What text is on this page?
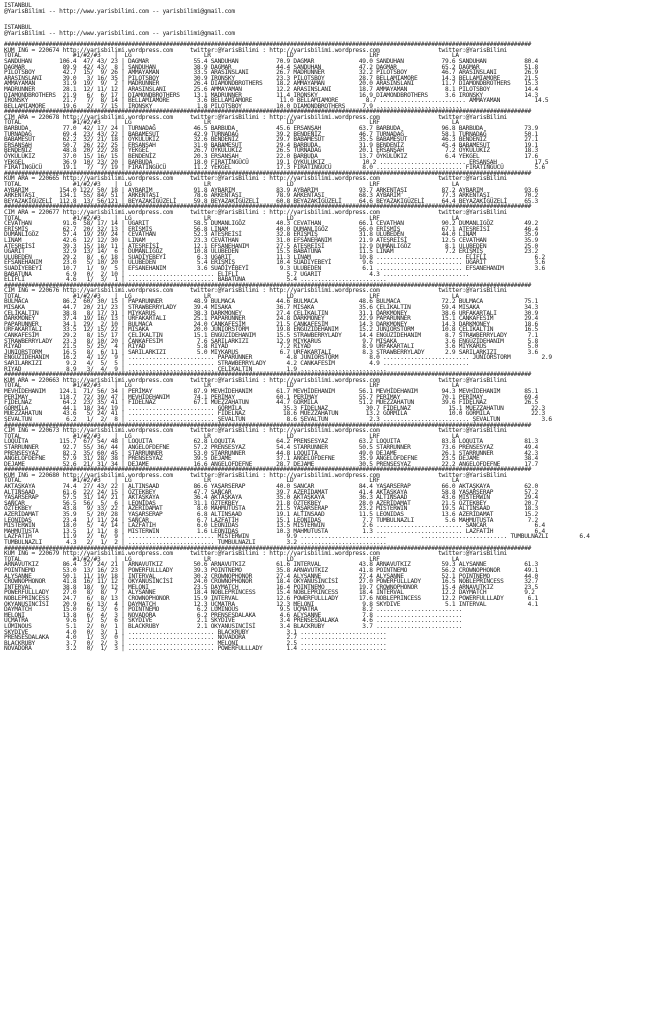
ISTANBUL
@YarisBilimi -- http://www.yarisbilimi.com -- yarisbilimi@gmail.com
ISTANBUL
@YarisBilimi -- http://www.yarisbilimi.com -- yarisbilimi@gmail.com
#########################################################################################################################################################
KUM ING = 220674 http://yarisbilimi.wordpress.com     twitter:@YarisBilimi : http://yarisbilimi.wordpress.com                 twitter:@YarisBilimi
TOTAL               #1/#2/#3    |  LG                     LR                      LD                      LRF                     LA
SANDUHAN        106.4  47/ 43/ 23 | DAGMAR             55.4 SANDUHAN           70.9 DAGMAR             49.0 SANDUHAN           79.6 SANDUHAN           80.4
DAGMAR           89.9  42/ 43/  8 | SANDUHAN           38.9 DAGMAR             44.4 SANDUHAN           47.2 DAGMAR             65.2 DAGMAR             51.8
PILOTSBOY        42.7  15/  9/ 26 | AMMAYAMAN          33.5 ARASINSLANI        26.7 MADRUNNER          32.2 PILOTSBOY          46.7 ARASINSLANI        26.9
ARASINSLANI      39.0   3/ 16/ 35 | PILOTSBOY          30.9 IRONSKY            23.3 PILOTSBOY          28.7 BELLAMIAMORE       14.3 BELLAMIAMORE       21.5
AMMAYAMAN        31.9  19/  9/  2 | MADRUNNER          26.4 DIAMONDBROTHERS    18.2 AMMAYAMAN          20.0 ARASINSLANI        11.7 DIAMONDBROTHERS    15.3
MADRUNNER        28.1  12/ 11/ 12 | ARASINSLANI        25.6 AMMAYAMAN          12.2 ARASINSLANI        18.7 AMMAYAMAN           8.1 PILOTSBOY          14.4
DIAMONDBROTHERS  21.9   6/  6/ 17 | DIAMONDBROTHERS    13.1 MADRUNNER          11.4 IRONSKY            16.9 DIAMONDBROTHERS     3.6 IRONSKY            14.3
IRONSKY          21.7   7/  8/ 14 | BELLAMIAMORE        3.6 BELLAMIAMORE        11.0 BELLAMIAMORE        8.7 ......................... AMMAYAMAN          14.5
BELLAMIAMORE     19.6   2/  7/ 15 | IRONSKY             1.8 PILOTSBOY          10.0 DIAMONDBROTHERS     7.9 .........................
#########################################################################################################################################################
CIM ARA = 220678 http://yarisbilimi.wordpress.com     twitter:@YarisBilimi : http://yarisbilimi.wordpress.com                 twitter:@YarisBilimi
TOTAL               #1/#2/#3    |  LG                     LR                      LD                      LRF                     LA
BARBUDA          77.0  42/ 17/ 24 | TURNADAĞ           46.5 BARBUDA            45.6 ERSANŞAH           63.7 BARBUDA            96.8 BARBUDA            73.9
TURNADAĞ         69.4  23/ 43/ 22 | BABAMESUT          42.9 TURNADAĞ           39.2 BENDENİZ           46.7 TURNADAĞ           58.1 TURNADAĞ           50.1
BABAMESUT        62.2  32/ 21/ 18 | ÖYKÜLÜKIZ          32.6 BENDENİZ           29.7 BABAMESUT          35.5 BABAMESUT          46.3 BENDENİZ           27.1
ERSANŞAH         50.7  26/ 22/ 25 | ERSANŞAH           31.0 BABAMESUT          29.4 BARBUDA            31.9 BENDENİZ           45.4 BABAMESUT          19.1
BENDENİZ         48.8  20/ 22/ 28 | YEKGEL             26.7 ÖYKÜLÜKIZ          26.5 TURNADAĞ           20.1 ERSANŞAH            7.2 ÖYKÜLÜKIZ          18.3
ÖYKÜLÜKIZ        37.0  15/ 16/ 15 | BENDENİZ           20.3 ERSANŞAH           22.0 BARBUDA            13.7 ÖYKÜLÜKIZ           6.4 YEKGEL             17.6
YEKGEL           36.9  10/ 23/ 20 | BARBUDA            18.0 FIRATINGÜCÜ        19.1 ÖYKÜLÜKIZ           10.2 ......................... ERSANŞAH           17.5
FIRATINGÜCÜ      19.1   7/  7/ 19 | FIRATINGÜCÜ        11.2 YEKGEL             17.3 FIRATINGÜCÜ         8.0 ......................... FIRATINGÜCÜ         5.6
#########################################################################################################################################################
KUM ARA = 220665 http://yarisbilimi.wordpress.com     twitter:@YarisBilimi : http://yarisbilimi.wordpress.com                 twitter:@YarisBilimi
TOTAL               #1/#2/#3    |  LG                     LR                      LD                      LRF                     LA
AYBARIM         154.0 122/ 50/ 18 | AYBARIM            91.8 AYBARIM            83.9 AYBARIM            93.7 ARKENTAŞI          87.2 AYBARIM            93.6
ARKENTAŞI       134.1  55/ 84/ 51 | ARKENTAŞI          78.6 ARKENTAŞI          78.9 ARKENTAŞI          68.3 AYBARIM            77.3 ARKENTAŞI          70.2
BEYAZAKIGÜZELİ  112.8  13/ 56/121 | BEYAZAKIGÜZELİ     59.8 BEYAZAKIGÜZELİ     60.8 BEYAZAKIGÜZELİ     64.6 BEYAZAKIGÜZELİ     64.4 BEYAZAKIGÜZELİ     65.3
#########################################################################################################################################################
CIM ARA = 220677 http://yarisbilimi.wordpress.com     twitter:@YarisBilimi : http://yarisbilimi.wordpress.com                 twitter:@YarisBilimi
TOTAL               #1/#2/#3    |  LG                     LR                      LD                      LRF                     LA
CEVATHAN         91.6  58/ 17/ 14 | UGARIT             58.5 DUMANLIGÖZ         40.3 CEVATHAN           66.1 CEVATHAN           90.2 DUMANLIGÖZ         49.2
ERİŞMİŞ          62.7  20/ 32/ 13 | ERİŞMİŞ            56.8 LINAM              40.0 DUMANLIGÖZ         56.0 ERİŞMİŞ            67.1 ATEŞREİSİ          46.4
DUMANLIGÖZ       57.4  19/ 29/ 24 | CEVATHAN           52.3 ATEŞREİSİ          32.8 ERİŞMİŞ            31.8 ULUBEDEN           44.0 LINAM              35.9
LINAM            42.6  12/ 12/ 30 | LINAM              23.3 CEVATHAN           31.0 EFSANEHANIM        21.9 ATEŞREİSİ          12.5 CEVATHAN           35.9
ATEŞREİSİ        39.3  15/ 18/ 11 | ATEŞREİSİ          12.1 EFSANEHANIM        27.5 ATEŞREİSİ          12.9 DUMANLIGÖZ          8.1 ULUBEDEN           25.0
UGARIT           32.9  13/ 14/  6 | DUMANLIGÖZ         10.8 ULUBEDEN           15.5 BABATUNA           11.5 LINAM               7.2 ERİŞMİŞ            23.2
ULUBEDEN         29.2   8/  6/ 18 | SUADİYEBEYİ         6.3 UGARIT             11.3 LINAM              10.8 ......................... ELİFLİ              6.2
EFSANEHANIM      23.0   5/ 10/ 20 | ULUBEDEN            5.4 ERİŞMİŞ            10.4 SUADİYEBEYİ         9.6 ......................... UGARIT              3.6
SUADİYEBEYİ      10.7   1/  9/  5 | EFSANEHANIM         3.6 SUADİYEBEYİ         9.3 ULUBEDEN            6.1 ......................... EFSANEHANIM         3.6
BABATUNA          6.9   0/  2/ 10 | ......................... ELİFLİ              5.7 UGARIT              4.3 .........................
ELİFLİ            4.6   1/  3/  1 | ......................... BABATUNA            5.4 .........................
#########################################################################################################################################################
CIM ING = 220676 http://yarisbilimi.wordpress.com     twitter:@YarisBilimi : http://yarisbilimi.wordpress.com                 twitter:@YarisBilimi
TOTAL               #1/#2/#3    |  LG                     LR                      LD                      LRF                     LA
BULMACA          86.2  60/ 30/ 15 | PAPARUNNER         48.9 BULMACA            44.6 BULMACA            48.6 BULMACA            72.2 BULMACA            75.1
MISAKA           44.7  20/ 21/ 23 | STRAWBERRYLADY     39.4 MISAKA             36.7 MISAKA             35.6 ÇELİKALTIN         59.4 MISAKA             34.3
ÇELİKALTIN       38.8   8/ 17/ 31 | MIYKARUS           38.3 DARKMONEY          27.4 ÇELİKALTIN         31.1 DARKMONEY          38.6 URFAKARTALI        30.9
DARKMONEY        37.4  19/ 16/ 13 | URFAKARTALI        25.1 PAPARUNNER         24.8 DARKMONEY          22.9 PAPARUNNER         15.1 CANKAFESİM         29.4
PAPARUNNER       34.1  29/  2/ 10 | BULMACA            24.0 CANKAFESİM         21.5 CANKAFESİM         14.3 DARKMONEY          14.3 DARKMONEY          18.6
URFAKARTALI      33.5  12/ 15/ 22 | MISAKA             20.0 JUNIORSTORM        19.8 ENGÜZİDEHANIM      15.2 JUNIORSTORM        10.8 ÇELİKALTIN         16.5
CANKAFESİM       29.2   8/ 15/ 17 | ÇELİKALTIN         15.1 ENGÜZİDEHANIM      15.5 STRAWBERRYLADY     14.4 ENGÜZİDEHANIM       8.7 STRAWBERRYLADY      7.1
STRAWBERRYLADY   23.3   8/ 10/ 20 | CANKAFESİM          7.6 SARILARKIZI        12.9 MIYKARUS            9.7 MISAKA              3.6 ENGÜZİDEHANIM       5.8
RIYAD            21.5   5/ 25/  4 | RIYAD               5.8 RIYAD               7.2 RIYAD               8.9 URFAKARTALI         3.6 MIYKARUS            5.0
JUNIORSTORM      16.5   8/  6/ 11 | SARILARKIZI         5.0 MIYKARUS            6.7 URFAKARTALI         8.3 STRAWBERRYLADY      2.9 SARILARKIZI         3.6
ENGÜZİDEHANIM    16.2   4/ 12/  9 | ......................... PAPARUNNER          4.8 JUNIORSTORM         8.0 ......................... JUNIORSTORM         2.9
SARILARKIZI       9.2   4/  5/  5 | ......................... STRAWBERRYLADY      4.2 CANKAFESİM          4.9 .........................
RIYAD             8.9   3/  4/  9 | ......................... ÇELİKALTIN          1.9 .........................
#########################################################################################################################################################
KUM ARA = 220663 http://yarisbilimi.wordpress.com     twitter:@YarisBilimi : http://yarisbilimi.wordpress.com                 twitter:@YarisBilimi
TOTAL               #1/#2/#3    |  LG                     LR                      LD                      LRF                     LA
MEVHİDEHANIM    124.1  71/ 56/ 34 | PERİMAY            87.9 MEVHİDEHANIM       61.7 MEVHİDEHANIM       56.1 MEVHİDEHANIM       94.3 MEVHİDEHANIM       85.1
PERİMAY         118.7  72/ 39/ 47 | MEVHİDEHANIM       74.1 PERİMAY            60.1 PERİMAY            55.7 PERİMAY            70.1 PERİMAY            69.4
FİDELNAZ         64.2  23/ 35/ 41 | FİDELNAZ           67.1 MÜEZZAHATUN        44.7 GÖRMİLA            51.2 MÜEZZAHATUN        39.6 FİDELNAZ           26.5
GÖRMİLA          44.1  18/ 34/ 19 | ......................... GÖRMİLA            35.3 FİDELNAZ           30.7 FİDELNAZ           15.1 MÜEZZAHATUN        22.3
MÜEZZAHATUN      43.6   5/ 24/ 41 | ......................... FİDELNAZ           18.6 MÜEZZAHATUN        13.2 GÖRMİLA            10.0 GÖRMİLA            22.3
ŞEVALTUN          6.2   1/  2/  8 | ......................... ŞEVALTUN            8.6 ŞEVALTUN            2.3 ......................... ŞEVALTUN            3.6
#########################################################################################################################################################
CIM ING = 220673 http://yarisbilimi.wordpress.com     twitter:@YarisBilimi : http://yarisbilimi.wordpress.com                 twitter:@YarisBilimi
TOTAL               #1/#2/#3    |  LG                     LR                      LD                      LRF                     LA
LOQUITA         115.7  67/ 54/ 48 | LOQUITA            62.8 LOQUITA            64.2 PRENSESYAZ         63.2 LOQUITA            83.8 LOQUITA            81.3
STARRUNNER       92.7  55/ 36/ 44 | ANGELOFDEFNE       57.2 PRENSESYAZ         54.4 STARRUNNER         50.5 STARRUNNER         73.6 PRENSESYAZ         49.4
PRENSESYAZ       82.2  35/ 60/ 45 | STARRUNNER         53.0 STARRUNNER         44.8 LOQUITA            49.0 DEJAME             26.1 STARRUNNER         42.3
ANGELOFDEFNE     57.9  31/ 28/ 38 | PRENSESYAZ         39.5 DEJAME             37.1 ANGELOFDEFNE       35.9 ANGELOFDEFNE       23.5 DEJAME             38.4
DEJAME           52.6  21/ 31/ 34 | DEJAME             16.6 ANGELOFDEFNE       28.7 DEJAME             30.5 PRENSESYAZ         22.2 ANGELOFDEFNE       17.7
#########################################################################################################################################################
KUM ING = 220680 http://yarisbilimi.wordpress.com     twitter:@YarisBilimi : http://yarisbilimi.wordpress.com                 twitter:@YarisBilimi
TOTAL               #1/#2/#3    |  LG                     LR                      LD                      LRF                     LA
AKTAŞKAYA        74.4  27/ 43/ 22 | ALTINSAAD          86.6 YAŞARSERAP         40.0 SANCAR             84.4 YAŞARSERAP         66.0 AKTAŞKAYA          62.0
ALTINSAAD        61.6  22/ 24/ 15 | ÖZTEKBEY           47.7 SANCAR             39.7 AZERİDAMAT         41.4 AKTAŞKAYA          58.8 YAŞARSERAP         57.2
YAŞARSERAP       57.5  31/ 14/ 21 | AKTAŞKAYA          36.4 AKTAŞKAYA          35.0 AKTAŞKAYA          36.3 ALTINSAAD          43.6 MISTERWIN          29.4
SANCAR           56.5  56/  5/  6 | LEONIDAS           31.1 ÖZTEKBEY           21.8 ÖZTEKBEY           28.0 AZERİDAMAT         21.5 ÖZTEKBEY           20.7
ÖZTEKBEY         43.8   9/ 33/ 22 | AZERİDAMAT          8.0 MAHMUTUSTA         21.5 YAŞARSERAP         23.2 MISTERWIN          19.5 ALTINSAAD          18.3
AZERİDAMAT       35.9   5/ 20/ 28 | YAŞARSERAP          6.8 ALTINSAAD          19.1 ALTINSAAD          11.5 LEONIDAS           13.6 AZERİDAMAT         15.2
LEONIDAS         23.4   1/ 11/ 24 | SANCAR              6.7 LAZFATİH           15.1 LEONIDAS            7.7 TUMBULNAZLI         5.6 MAHMUTUSTA          7.2
MISTERWIN        18.0   5/  4/ 14 | LAZFATİH            6.0 LEONIDAS           13.5 MISTERWIN           2.6 ......................... SANCAR              6.4
MAHMUTUSTA       13.5   1/ 11/  8 | MISTERWIN           1.6 LEONIDAS           10.3 MAHMUTUSTA          1.3 ......................... LAZFATİH            6.4
LAZFATİH         11.9   2/  6/  9 | ......................... MISTERWIN           9.9 .........................          ......................... TUMBULNAZLI         6.4
TUMBULNAZLI       4.3   2/  1/  2 | ......................... TUMBULNAZLI         3.2 .........................
#########################################################################################################################################################
KUM ING = 220679 http://yarisbilimi.wordpress.com     twitter:@YarisBilimi : http://yarisbilimi.wordpress.com                 twitter:@YarisBilimi
TOTAL               #1/#2/#3    |  LG                     LR                      LD                      LRF                     LA
ARNAVUTKIZ       86.4  37/ 24/ 21 | ARNAVUTKIZ         50.6 ARNAVUTKIZ         61.6 INTERVAL           43.8 ARNAVUTKIZ         59.3 ALYSANNE           61.3
POINTNEMO        53.0  13/ 16/ 23 | POWERFULLLADY      39.3 POINTNEMO          35.8 ARNAVUTKIZ         41.8 POINTNEMO          56.2 CROWNOPHONOR       49.1
ALYSANNE         50.1  11/ 19/ 18 | INTERVAL           30.2 CROWNOPHONOR       27.4 ALYSANNE           27.4 ALYSANNE           52.1 POINTNEMO          44.0
CROWNOPHONOR     41.8  16/ 11/ 12 | OKYANUSINCİSİ      24.0 CROWNOPHONOR       18.4 OKYANUSINCİSİ      27.0 POWERFULLLADY      16.5 NOBLEPRINCESS      32.7
INTERVAL         38.8  18/  9/ 12 | MELONI             23.5 DAYMATCH           16.4 POINTNEMO          19.7 CROWNOPHONOR       15.4 ARNAVUTKIZ         23.5
POWERFULLLADY    27.0   8/  8/  7 | ALYSANNE           18.4 NOBLEPRINCESS      15.4 NOBLEPRINCESS      18.4 INTERVAL           12.2 DAYMATCH           9.2
NOBLEPRINCESS    24.7   6/  8/ 13 | CROWNOPHONOR       15.9 INTERVAL           12.6 POWERFULLLADY      17.6 NOBLEPRINCESS      12.2 POWERFULLLADY       6.1
OKYANUSINCİSİ    20.9   6/ 13/  4 | DAYMATCH           12.3 ÜÇMATRA            12.3 MELONI              9.8 SKYDIVE             5.1 INTERVAL            4.1
DAYMATCH         15.0   6/  3/  6 | POINTNEMO           6.2 LUMINOUS            9.5 ÜÇMATRA             8.2 .........................
MELONI           13.8   6/  4/  3 | NOVADORA            6.2 PRENSESDALAKA       4.6 ALYSANNE            7.8 .........................
ÜÇMATRA           9.6   1/  5/  6 | SKYDIVE             2.1 SKYDIVE             3.4 PRENSESDALAKA       4.6 .........................
LUMINOUS          5.1   2/  0/  1 | BLACKRUBY           2.1 OKYANUSINCİSİ       3.4 BLACKRUBY           3.7 .........................
SKYDIVE           4.0   0/  3/  1 | ......................... BLACKRUBY           3.1 .........................
PRENSESDALAKA     4.0   1/  3/  0 | ......................... NOVADORA            2.7 .........................
BLACKRUBY         3.7   0/  2/  3 | ......................... MELONI              2.5 .........................
NOVADORA          3.2   0/  1/  3 | ......................... POWERFULLLADY       1.4 .........................
